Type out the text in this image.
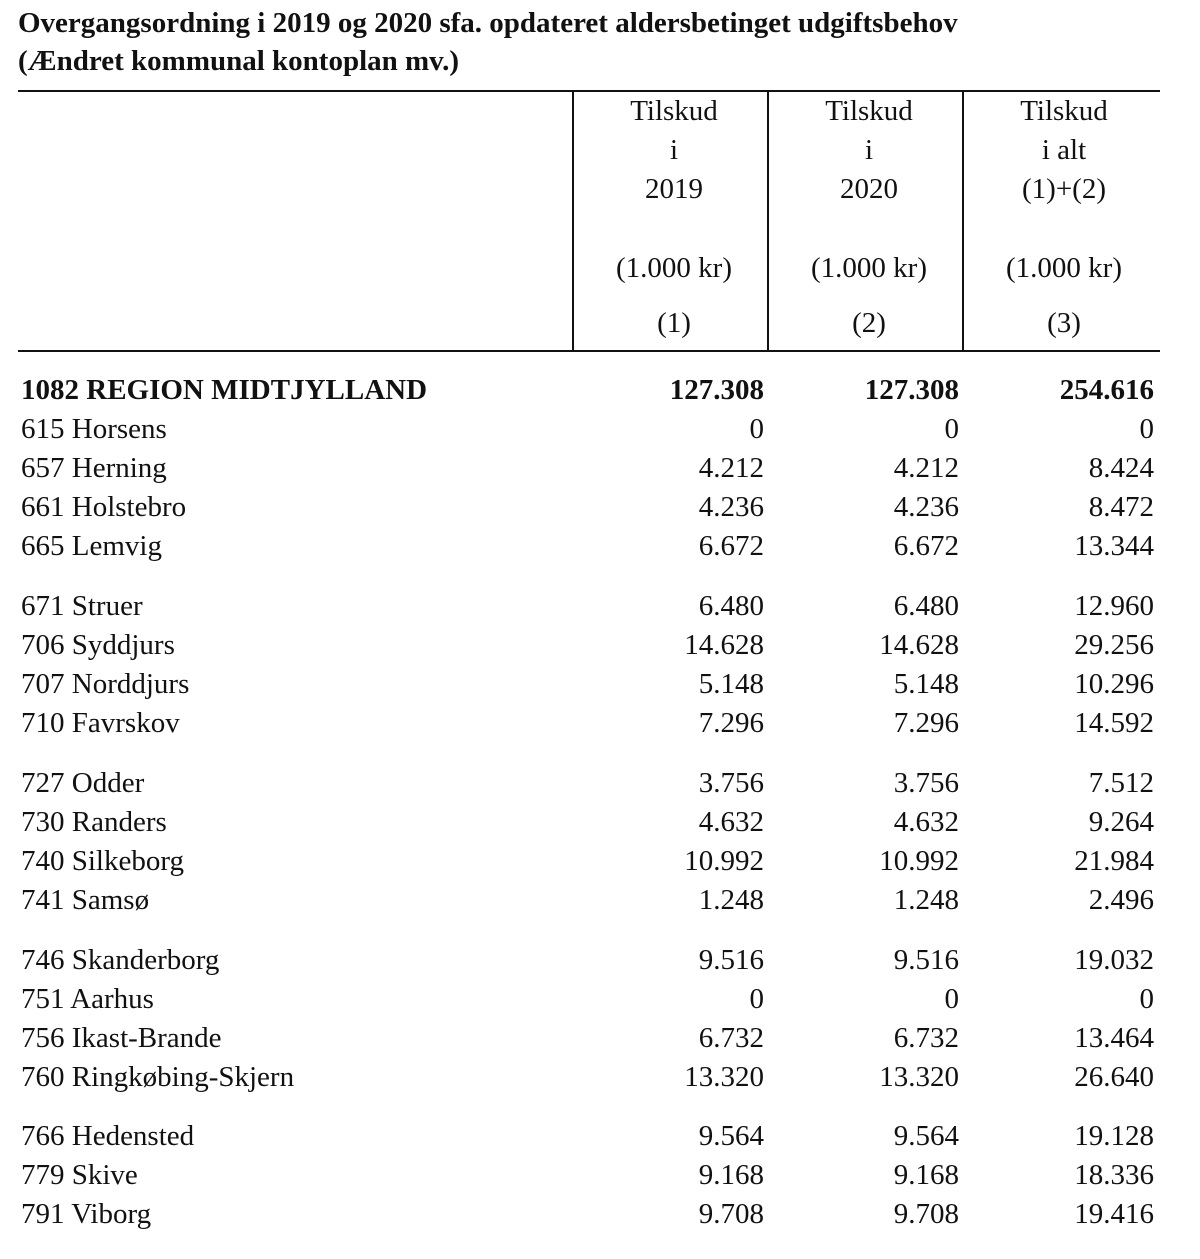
Overgangsordning i 2019 og 2020 sfa. opdateret aldersbetinget udgiftsbehov
(Ændret kommunal kontoplan mv.)
Tilskud
i
2019
(1.000 kr)
(1)
Tilskud
i
2020
(1.000 kr)
(2)
Tilskud
i alt
(1)+(2)
(1.000 kr)
(3)
1082 REGION MIDTJYLLAND	127.308	127.308	254.616
615 Horsens	0	0	0
657 Herning	4.212	4.212	8.424
661 Holstebro	4.236	4.236	8.472
665 Lemvig	6.672	6.672	13.344
671 Struer	6.480	6.480	12.960
706 Syddjurs	14.628	14.628	29.256
707 Norddjurs	5.148	5.148	10.296
710 Favrskov	7.296	7.296	14.592
727 Odder	3.756	3.756	7.512
730 Randers	4.632	4.632	9.264
740 Silkeborg	10.992	10.992	21.984
741 Samsø	1.248	1.248	2.496
746 Skanderborg	9.516	9.516	19.032
751 Aarhus	0	0	0
756 Ikast-Brande	6.732	6.732	13.464
760 Ringkøbing-Skjern	13.320	13.320	26.640
766 Hedensted	9.564	9.564	19.128
779 Skive	9.168	9.168	18.336
791 Viborg	9.708	9.708	19.416
